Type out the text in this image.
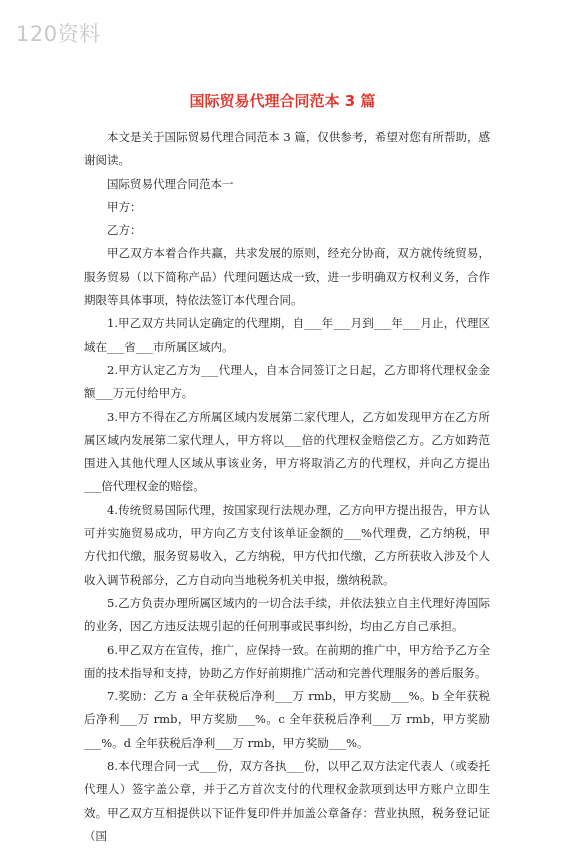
120资料
国际贸易代理合同范本 3 篇

本文是关于国际贸易代理合同范本 3 篇，仅供参考，希望对您有所帮助，感谢阅读。

国际贸易代理合同范本一

甲方：

乙方：

甲乙双方本着合作共赢，共求发展的原则，经充分协商，双方就传统贸易，服务贸易（以下简称产品）代理问题达成一致，进一步明确双方权利义务，合作期限等具体事项，特依法签订本代理合同。

1.甲乙双方共同认定确定的代理期，自___年___月到___年___月止，代理区域在___省___市所属区域内。

2.甲方认定乙方为___代理人，自本合同签订之日起，乙方即将代理权金金额___万元付给甲方。

3.甲方不得在乙方所属区域内发展第二家代理人，乙方如发现甲方在乙方所属区域内发展第二家代理人，甲方将以___倍的代理权金赔偿乙方。乙方如跨范围进入其他代理人区域从事该业务，甲方将取消乙方的代理权，并向乙方提出___倍代理权金的赔偿。

4.传统贸易国际代理，按国家现行法规办理，乙方向甲方提出报告，甲方认可并实施贸易成功，甲方向乙方支付该单证金额的___%代理费，乙方纳税，甲方代扣代缴，服务贸易收入，乙方纳税，甲方代扣代缴，乙方所获收入涉及个人收入调节税部分，乙方自动向当地税务机关申报，缴纳税款。

5.乙方负责办理所属区域内的一切合法手续，并依法独立自主代理好涛国际的业务，因乙方违反法规引起的任何刑事或民事纠纷，均由乙方自己承担。

6.甲乙双方在宣传，推广，应保持一致。在前期的推广中，甲方给予乙方全面的技术指导和支持，协助乙方作好前期推广活动和完善代理服务的善后服务。

7.奖励：乙方 a 全年获税后净利___万 rmb，甲方奖励___%。b 全年获税后净利___万 rmb，甲方奖励___%。c 全年获税后净利___万 rmb，甲方奖励___%。d 全年获税后净利___万 rmb，甲方奖励___%。

8.本代理合同一式___份，双方各执___份，以甲乙双方法定代表人（或委托代理人）签字盖公章，并于乙方首次支付的代理权金款项到达甲方账户立即生效。甲乙双方互相提供以下证件复印件并加盖公章备存：营业执照，税务登记证（国
